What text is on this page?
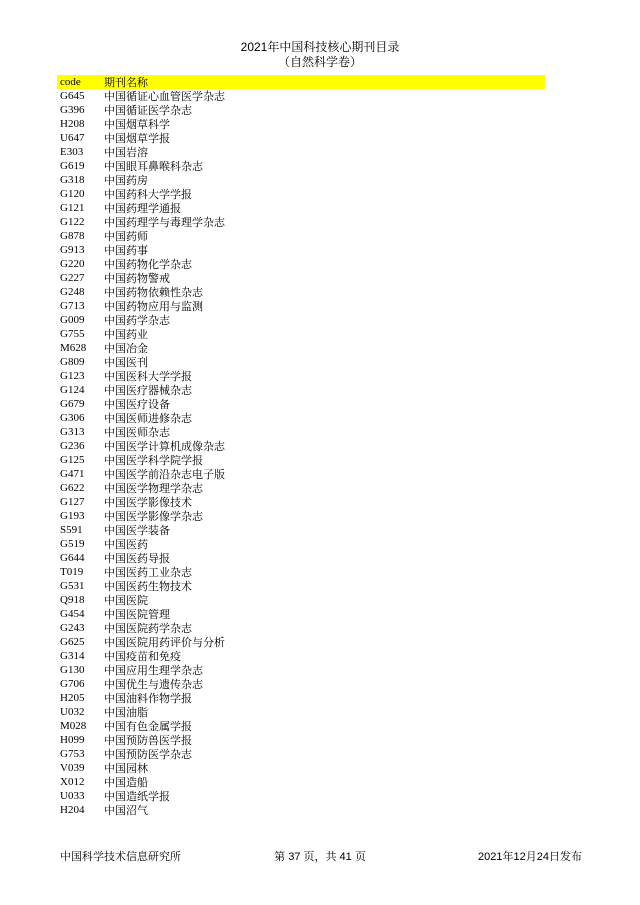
2021年中国科技核心期刊目录
（自然科学卷）
code	期刊名称
G645	中国循证心血管医学杂志
G396	中国循证医学杂志
H208	中国烟草科学
U647	中国烟草学报
E303	中国岩溶
G619	中国眼耳鼻喉科杂志
G318	中国药房
G120	中国药科大学学报
G121	中国药理学通报
G122	中国药理学与毒理学杂志
G878	中国药师
G913	中国药事
G220	中国药物化学杂志
G227	中国药物警戒
G248	中国药物依赖性杂志
G713	中国药物应用与监测
G009	中国药学杂志
G755	中国药业
M628	中国冶金
G809	中国医刊
G123	中国医科大学学报
G124	中国医疗器械杂志
G679	中国医疗设备
G306	中国医师进修杂志
G313	中国医师杂志
G236	中国医学计算机成像杂志
G125	中国医学科学院学报
G471	中国医学前沿杂志电子版
G622	中国医学物理学杂志
G127	中国医学影像技术
G193	中国医学影像学杂志
S591	中国医学装备
G519	中国医药
G644	中国医药导报
T019	中国医药工业杂志
G531	中国医药生物技术
Q918	中国医院
G454	中国医院管理
G243	中国医院药学杂志
G625	中国医院用药评价与分析
G314	中国疫苗和免疫
G130	中国应用生理学杂志
G706	中国优生与遗传杂志
H205	中国油料作物学报
U032	中国油脂
M028	中国有色金属学报
H099	中国预防兽医学报
G753	中国预防医学杂志
V039	中国园林
X012	中国造船
U033	中国造纸学报
H204	中国沼气
中国科学技术信息研究所	第 37 页，共 41 页	2021年12月24日发布
